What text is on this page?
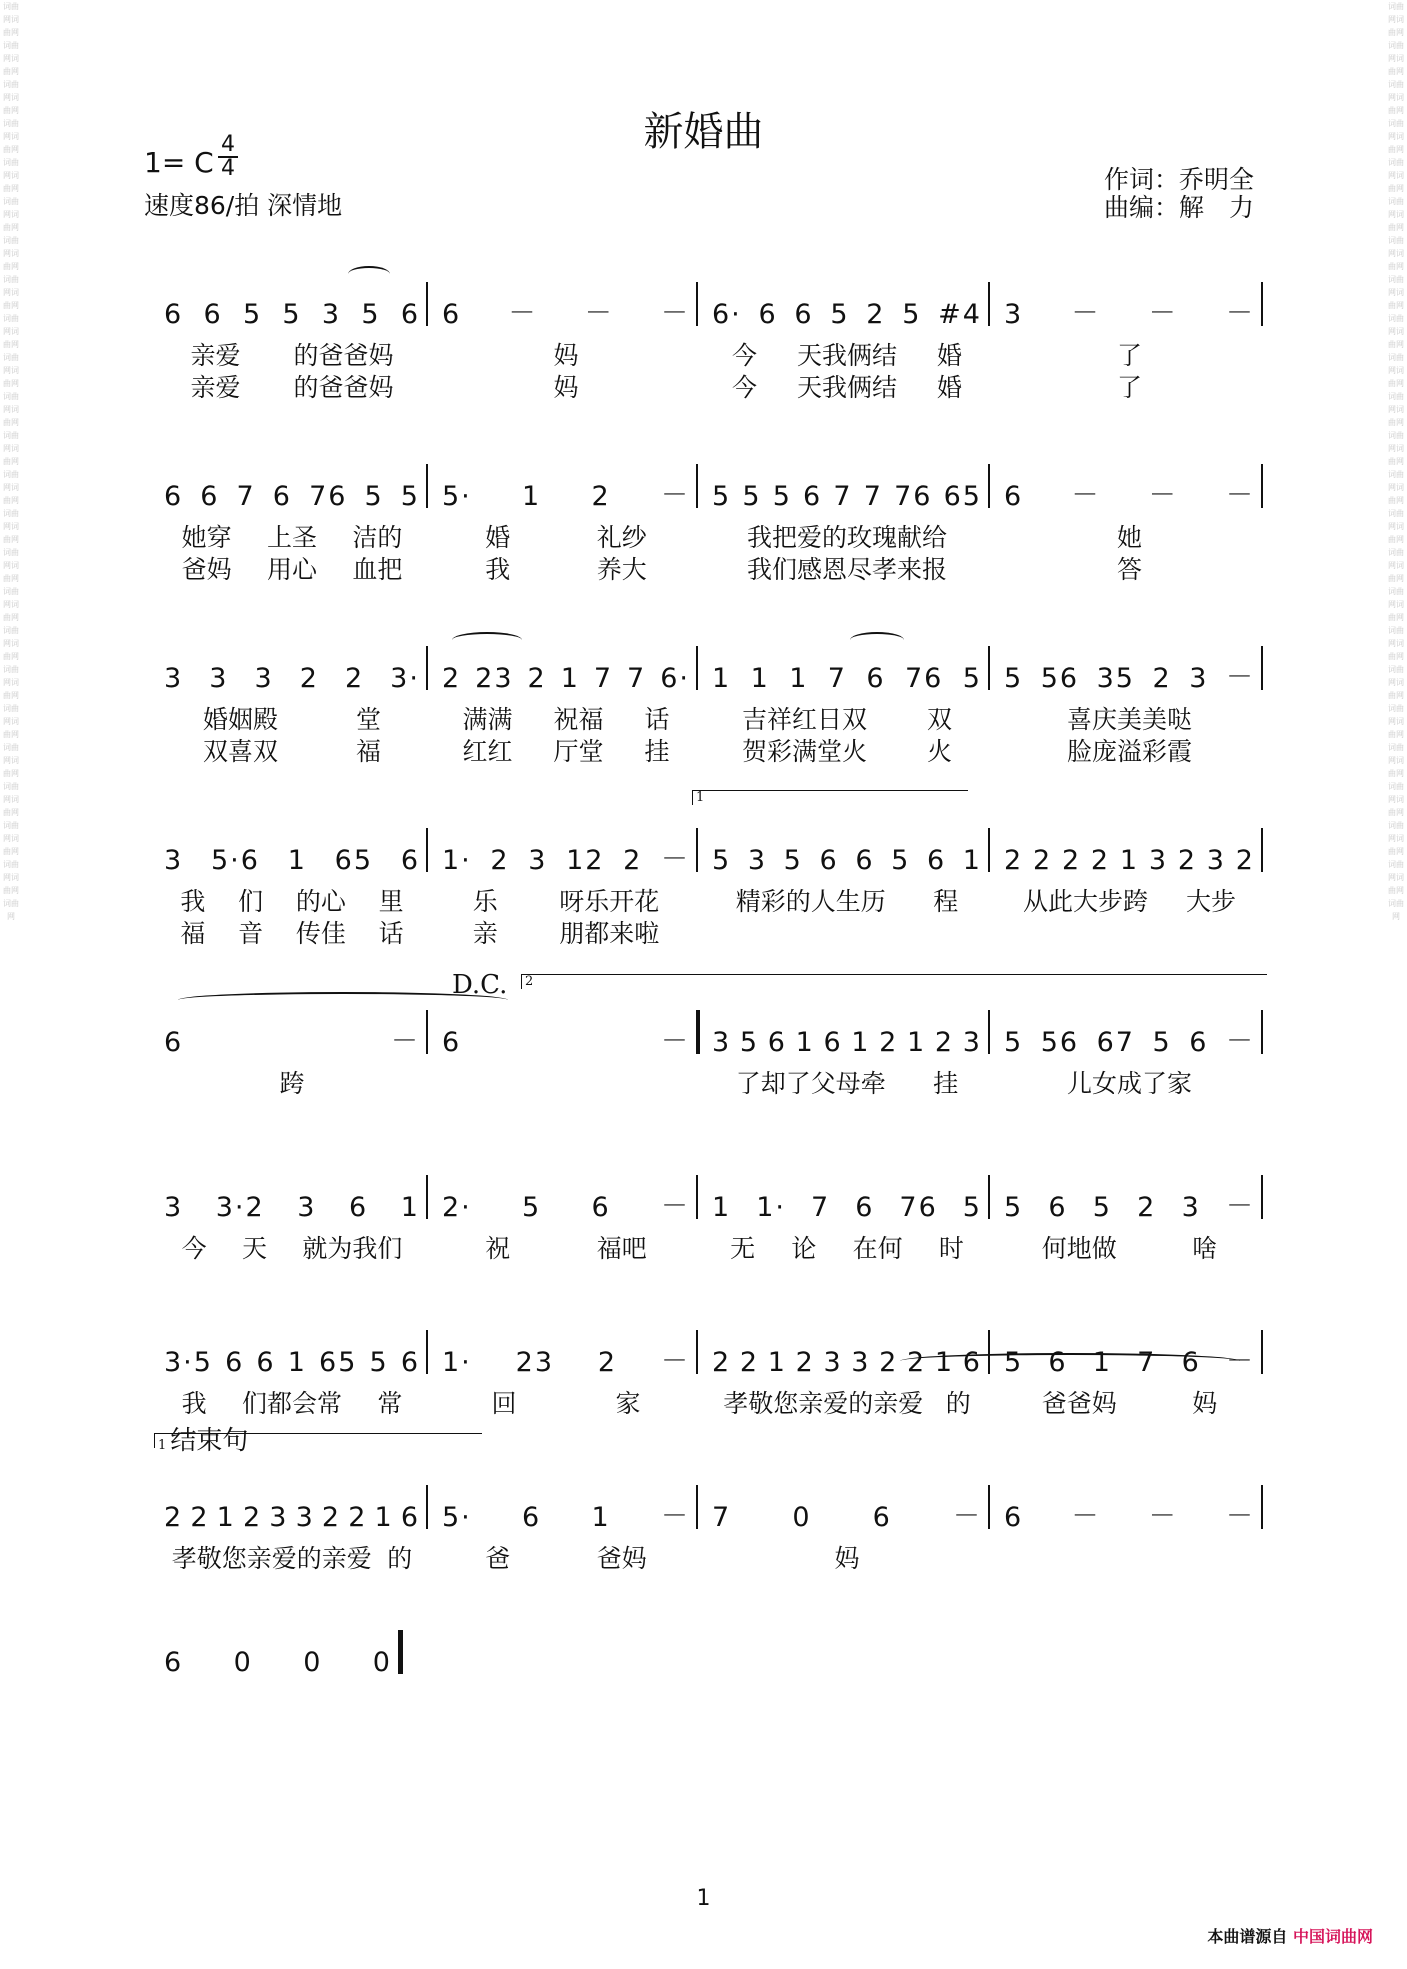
词曲网词曲网词曲网词曲网词曲网词曲网词曲网词曲网词曲网词曲网词曲网词曲网词曲网词曲网词曲网词曲网词曲网词曲网词曲网词曲网词曲网词曲网词曲网词曲网词曲网词曲网词曲网词曲网词曲网词曲网词曲网词曲网词曲网词曲网词曲网词曲网词曲网词曲网词曲网词曲网词曲网词曲网词曲网词曲网词曲网词曲网词曲网
词曲网词曲网词曲网词曲网词曲网词曲网词曲网词曲网词曲网词曲网词曲网词曲网词曲网词曲网词曲网词曲网词曲网词曲网词曲网词曲网词曲网词曲网词曲网词曲网词曲网词曲网词曲网词曲网词曲网词曲网词曲网词曲网词曲网词曲网词曲网词曲网词曲网词曲网词曲网词曲网词曲网词曲网词曲网词曲网词曲网词曲网词曲网
新婚曲
1= C $\frac{4}{4}$
速度86/拍 深情地
作词：乔明全
曲编：解　力
6 6 5 5 3 5 6
亲爱 的爸爸妈
亲爱 的爸爸妈
6 － － －
妈
妈
6· 6 6 5 2 5 #4
今 天我俩结 婚
今 天我俩结 婚
3 － － －
了
了
6 6 7 6 76 5 5
她穿 上圣 洁的
爸妈 用心 血把
5· 1 2 －
婚	礼纱
我	养大
5 5 5 6 7 7 76 65
我把爱的玫瑰献给
我们感恩尽孝来报
6 － － －
她
答
3 3 3 2 2 3·
婚姻殿	堂
双喜双	福
2 23 2 1 7 7 6·
满满 祝福 话
红红 厅堂 挂
1 1 1 7 6 76 5
吉祥红日双 双
贺彩满堂火 火
5 56 35 2 3 －
喜庆美美哒
脸庞溢彩霞
3 5·6 1 65 6
我 们 的心 里
福 音 传佳 话
1· 2 3 12 2 －
乐 呀乐开花
亲 朋都来啦
5 3 5 6 6 5 6 1
精彩的人生历 程
2 2 2 2 1 3 2 3 2
从此大步跨 大步
6	－
跨
6	－ 3 5 6 1 6 1 2 1 2 3
了却了父母牵 挂
5 56 67 5 6 －
儿女成了家
3 3·2 3 6 1
今 天 就为我们
2· 5 6 －
祝	福吧
1 1· 7 6 76 5
无 论 在何 时
5 6 5 2 3 －
何地做	啥
3·5 6 6 1 65 5 6
我 们都会常 常
1· 23 2 －
回	家
2 2 1 2 3 3 2 2 1 6
孝敬您亲爱的亲爱 的
5 6 1 7 6 －
爸爸妈	妈
2 2 1 2 3 3 2 2 1 6
孝敬您亲爱的亲爱 的
5· 6 1 －
爸	爸妈
7 0 6 －
妈
6 － － －
6 0 0 0
D.C.
1
2
1 结束句
1
本曲谱源自 中国词曲网
